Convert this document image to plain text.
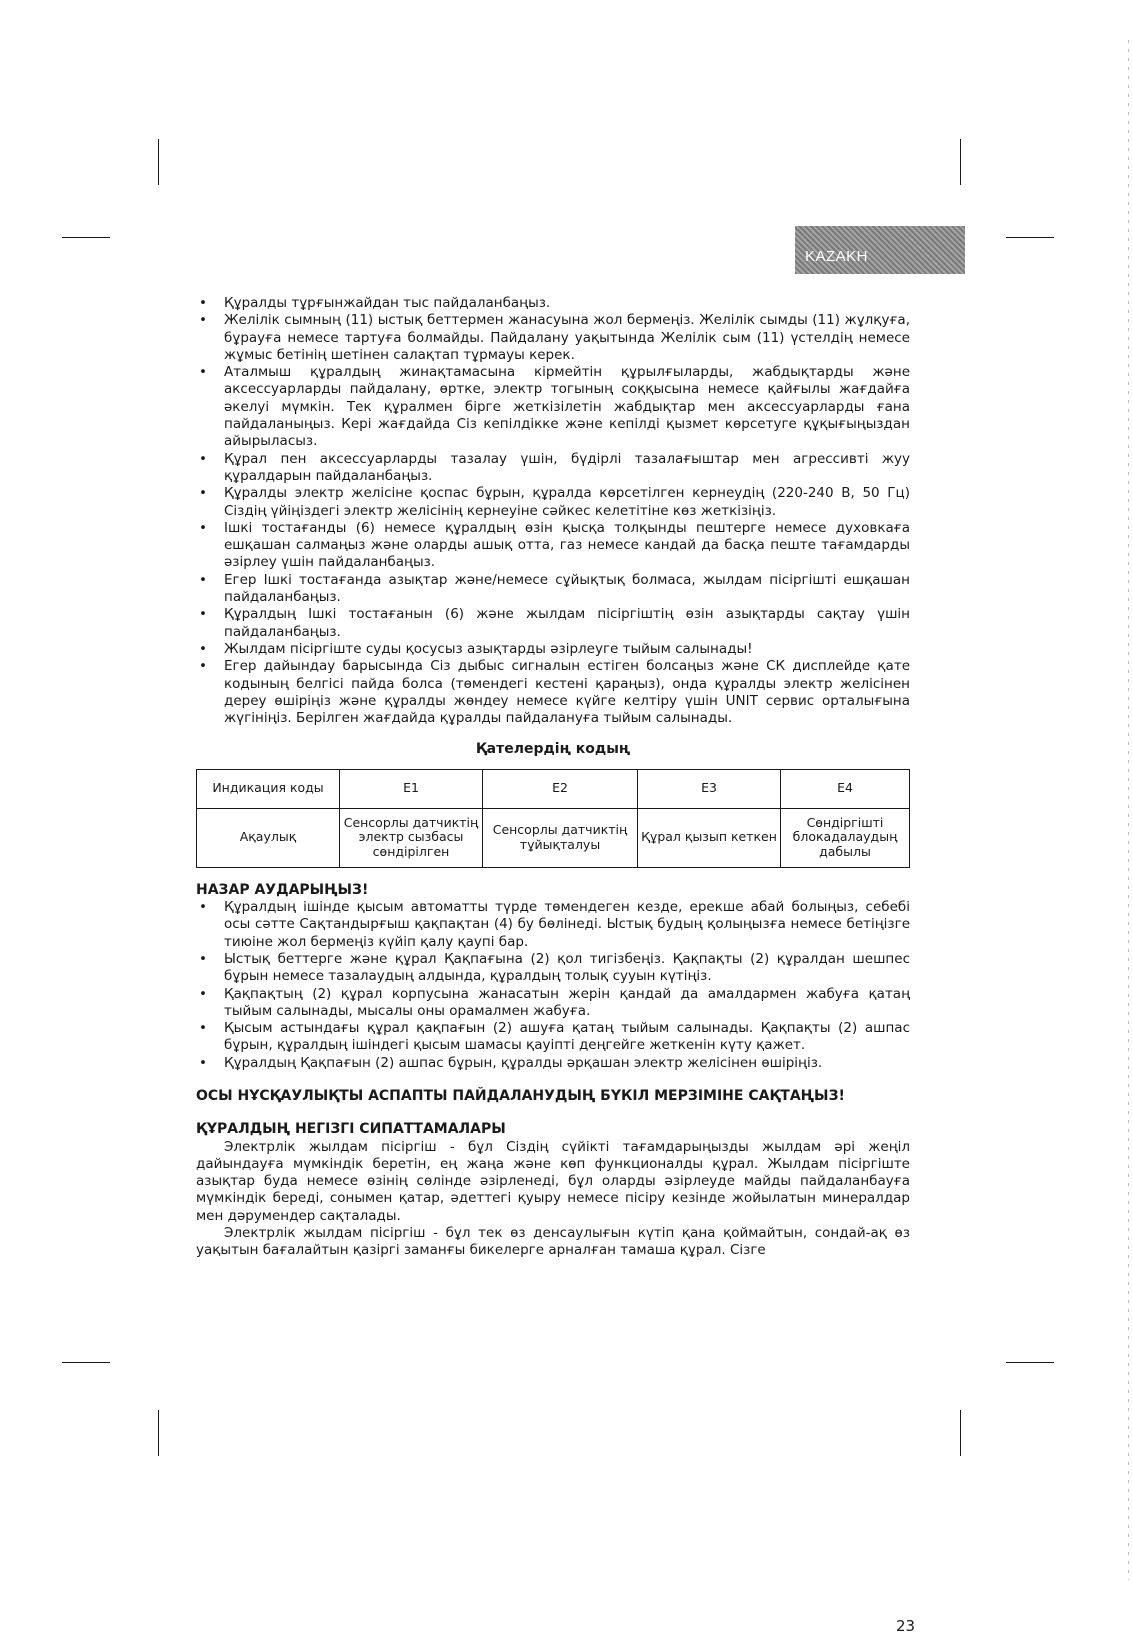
KAZAKH
• Құралды тұрғынжайдан тыс пайдаланбаңыз.
• Желілік сымның (11) ыстық беттермен жанасуына жол бермеңіз. Желілік сымды (11) жұлқуға, бұрауға немесе тартуға болмайды. Пайдалану уақытында Желілік сым (11) үстелдің немесе жұмыс бетінің шетінен салақтап тұрмауы керек.
• Аталмыш құралдың жинақтамасына кірмейтін құрылғыларды, жабдықтарды және аксессуарларды пайдалану, өртке, электр тогының соққысына немесе қайғылы жағдайға әкелуі мүмкін. Тек құралмен бірге жеткізілетін жабдықтар мен аксессуарларды ғана пайдаланыңыз. Кері жағдайда Сіз кепілдікке және кепілді қызмет көрсетуге құқығыңыздан айырыласыз.
• Құрал пен аксессуарларды тазалау үшін, бүдірлі тазалағыштар мен агрессивті жуу құралдарын пайдаланбаңыз.
• Құралды электр желісіне қоспас бұрын, құралда көрсетілген кернеудің (220-240 В, 50 Гц) Сіздің үйіңіздегі электр желісінің кернеуіне сәйкес келетітіне көз жеткізіңіз.
• Ішкі тостағанды (6) немесе құралдың өзін қысқа толқынды пештерге немесе духовкаға ешқашан салмаңыз және оларды ашық отта, газ немесе кандай да басқа пеште тағамдарды әзірлеу үшін пайдаланбаңыз.
• Егер Ішкі тостағанда азықтар және/немесе сұйықтық болмаса, жылдам пісіргішті ешқашан пайдаланбаңыз.
• Құралдың Ішкі тостағанын (6) және жылдам пісіргіштің өзін азықтарды сақтау үшін пайдаланбаңыз.
• Жылдам пісіргіште суды қосусыз азықтарды әзірлеуге тыйым салынады!
• Егер дайындау барысында Сіз дыбыс сигналын естіген болсаңыз және СК дисплейде қате кодының белгісі пайда болса (төмендегі кестені қараңыз), онда құралды электр желісінен дереу өшіріңіз және құралды жөндеу немесе күйге келтіру үшін UNIT сервис орталығына жүгініңіз. Берілген жағдайда құралды пайдалануға тыйым салынады.
Қателердің кодың
Индикация коды	E1	E2	E3	E4
Ақаулық	Сенсорлы датчиктің электр сызбасы сөндірілген	Сенсорлы датчиктің тұйықталуы	Құрал қызып кеткен	Сөндіргішті блокадалаудың дабылы
НАЗАР АУДАРЫҢЫЗ!
• Құралдың ішінде қысым автоматты түрде төмендеген кезде, ерекше абай болыңыз, себебі осы сәтте Сақтандырғыш қақпақтан (4) бу бөлінеді. Ыстық будың қолыңызға немесе бетіңізге тиюіне жол бермеңіз күйіп қалу қаупі бар.
• Ыстық беттерге және құрал Қақпағына (2) қол тигізбеңіз. Қақпақты (2) құралдан шешпес бұрын немесе тазалаудың алдында, құралдың толық сууын күтіңіз.
• Қақпақтың (2) құрал корпусына жанасатын жерін қандай да амалдармен жабуға қатаң тыйым салынады, мысалы оны орамалмен жабуға.
• Қысым астындағы құрал қақпағын (2) ашуға қатаң тыйым салынады. Қақпақты (2) ашпас бұрын, құралдың ішіндегі қысым шамасы қауіпті деңгейге жеткенін күту қажет.
• Құралдың Қақпағын (2) ашпас бұрын, құралды әрқашан электр желісінен өшіріңіз.
ОСЫ НҰСҚАУЛЫҚТЫ АСПАПТЫ ПАЙДАЛАНУДЫҢ БҮКІЛ МЕРЗІМІНЕ САҚТАҢЫЗ!
ҚҰРАЛДЫҢ НЕГІЗГІ СИПАТТАМАЛАРЫ

Электрлік жылдам пісіргіш - бұл Сіздің сүйікті тағамдарыңызды жылдам әрі жеңіл дайындауға мүмкіндік беретін, ең жаңа және көп функционалды құрал. Жылдам пісіргіште азықтар буда немесе өзінің сөлінде әзірленеді, бұл оларды әзірлеуде майды пайдаланбауға мүмкіндік береді, сонымен қатар, әдеттегі қуыру немесе пісіру кезінде жойылатын минералдар мен дәрумендер сақталады.

Электрлік жылдам пісіргіш - бұл тек өз денсаулығын күтіп қана қоймайтын, сондай-ақ өз уақытын бағалайтын қазіргі заманғы бикелерге арналған тамаша құрал. Сізге

23
